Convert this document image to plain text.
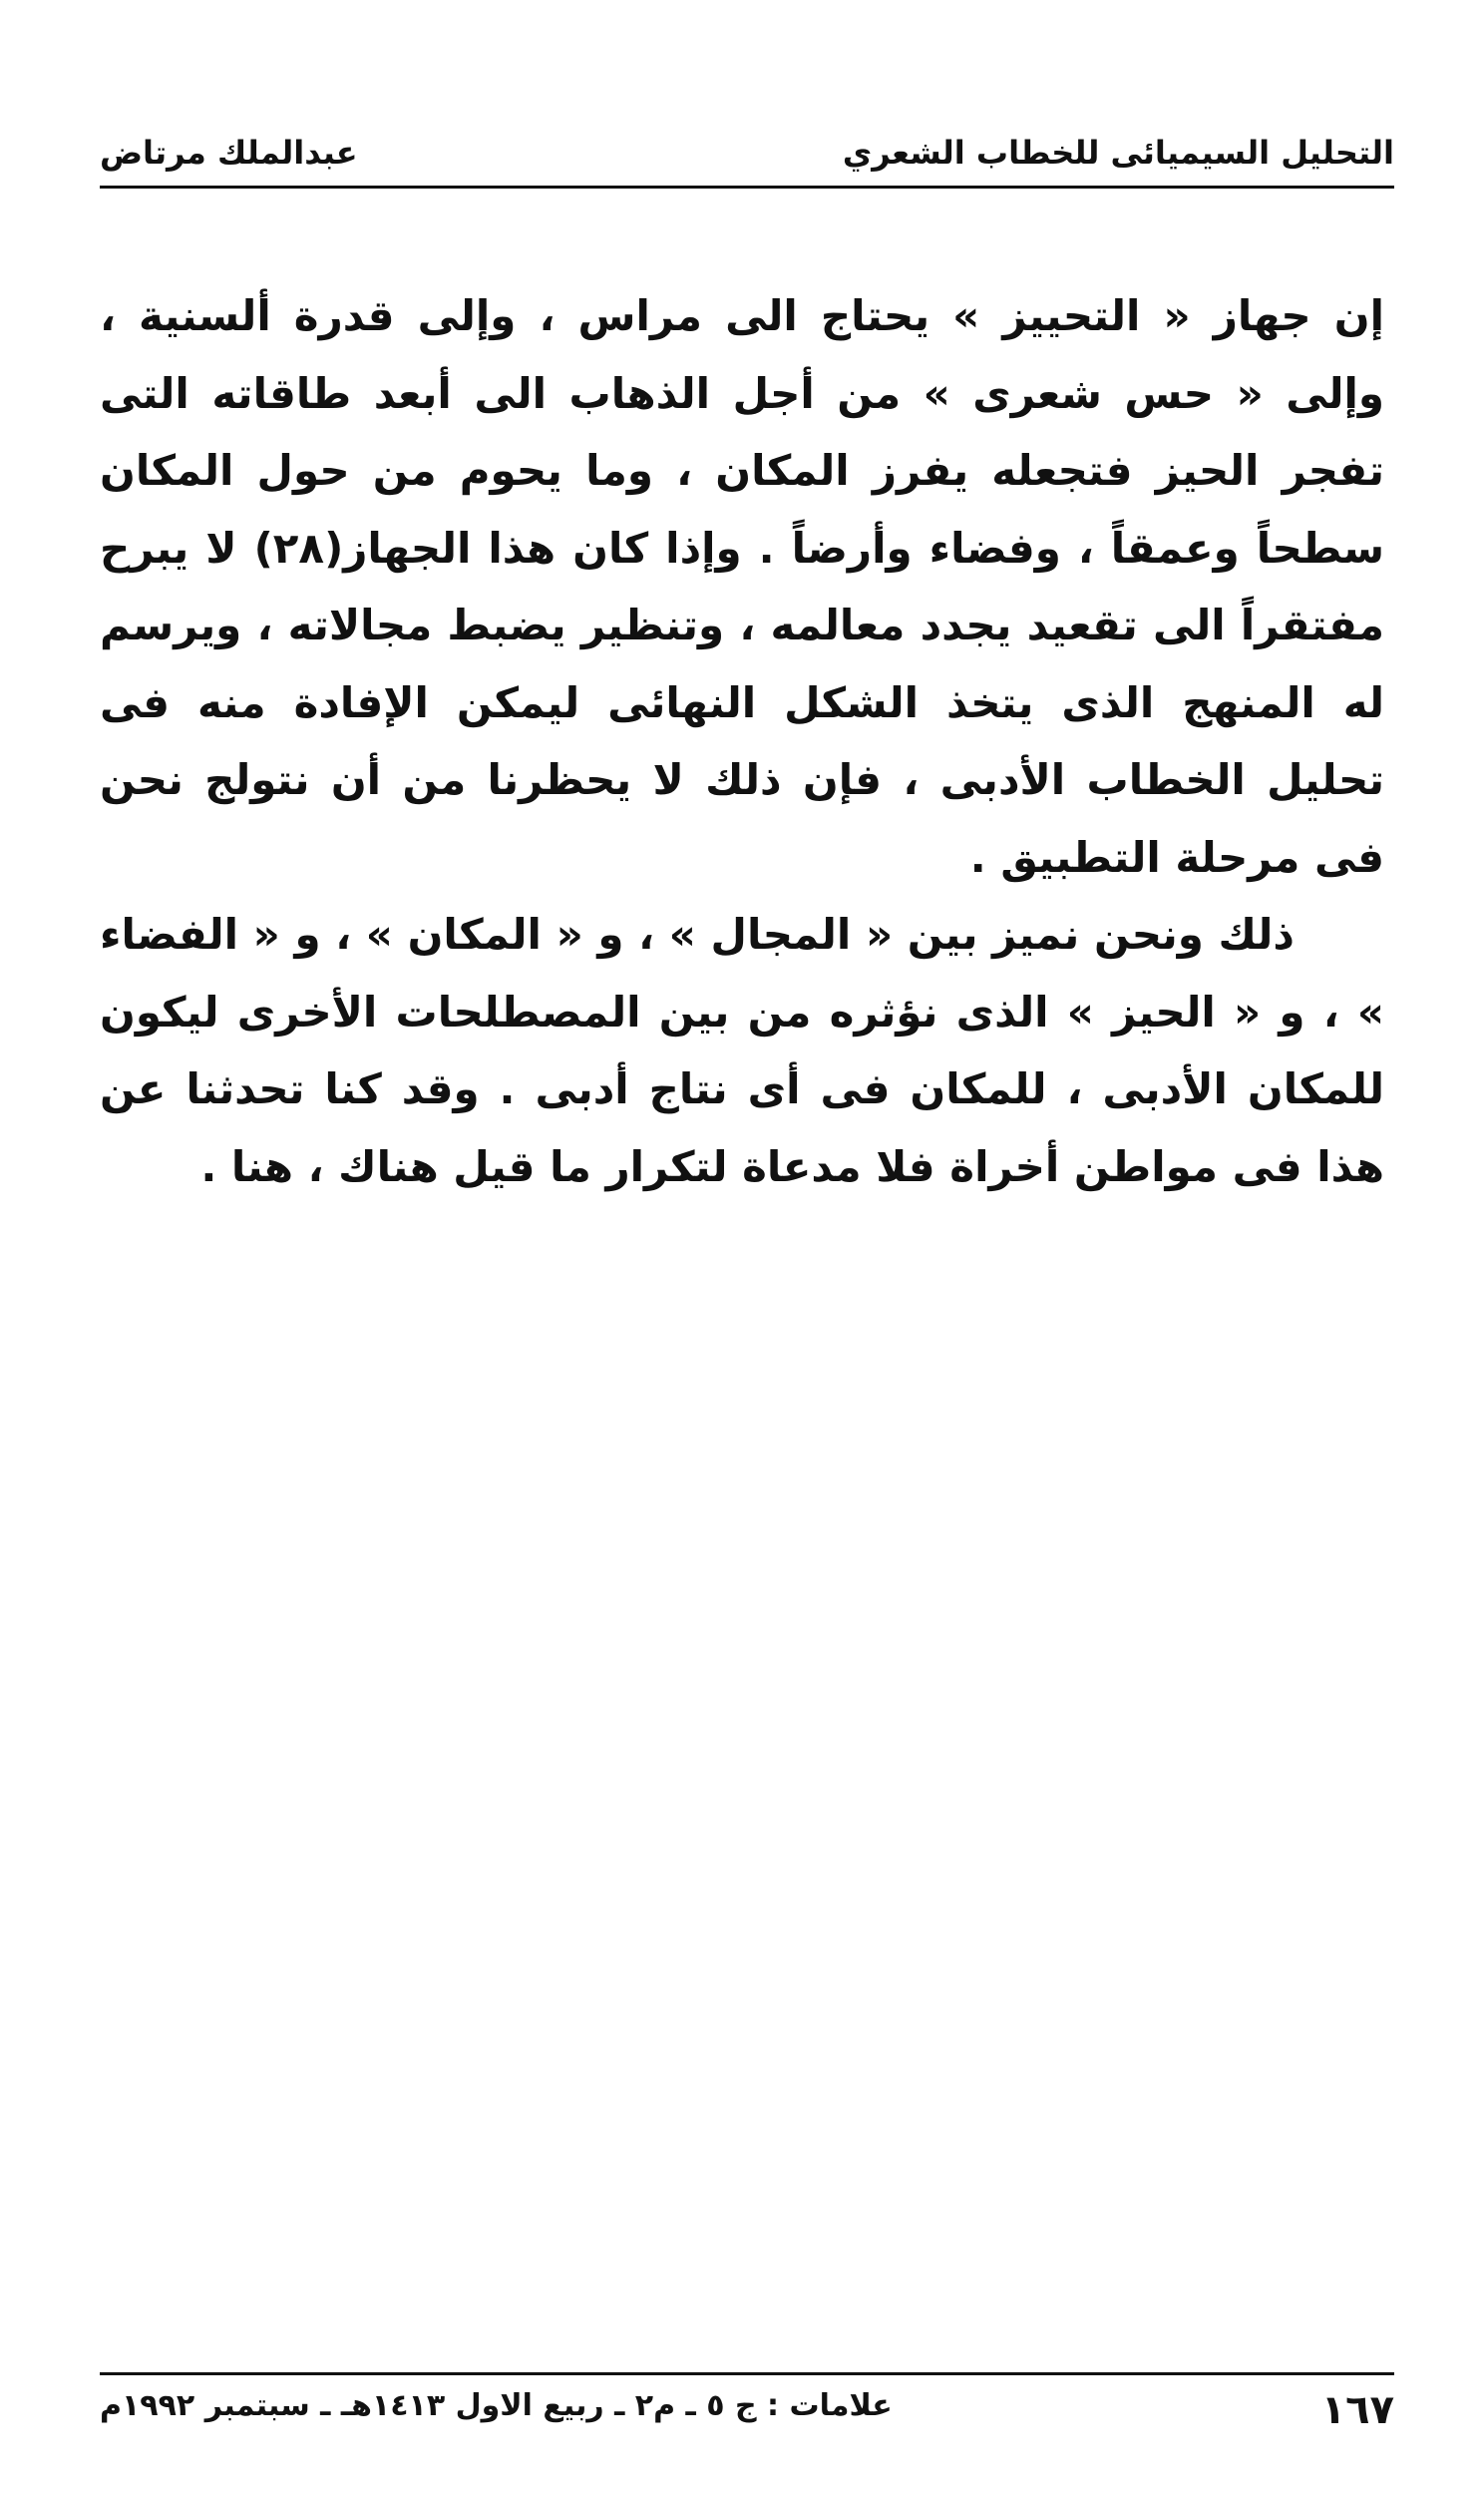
التحليل السيميائى للخطاب الشعري
عبدالملك مرتاض

إن جهاز « التحييز » يحتاج الى مراس ، وإلى قدرة ألسنية ، وإلى « حس شعرى » من أجل الذهاب الى أبعد طاقاته التى تفجر الحيز فتجعله يفرز المكان ، وما يحوم من حول المكان سطحاً وعمقاً ، وفضاء وأرضاً . وإذا كان هذا الجهاز(٢٨) لا يبرح مفتقراً الى تقعيد يجدد معالمه ، وتنظير يضبط مجالاته ، ويرسم له المنهج الذى يتخذ الشكل النهائى ليمكن الإفادة منه فى تحليل الخطاب الأدبى ، فإن ذلك لا يحظرنا من أن نتولج نحن فى مرحلة التطبيق .

ذلك ونحن نميز بين « المجال » ، و « المكان » ، و « الفضاء » ، و « الحيز » الذى نؤثره من بين المصطلحات الأخرى ليكون للمكان الأدبى ، للمكان فى أى نتاج أدبى . وقد كنا تحدثنا عن هذا فى مواطن أخراة فلا مدعاة لتكرار ما قيل هناك ، هنا .

١٦٧
علامات : ج ٥ ـ م٢ ـ ربيع الاول ١٤١٣هـ ـ سبتمبر ١٩٩٢م
